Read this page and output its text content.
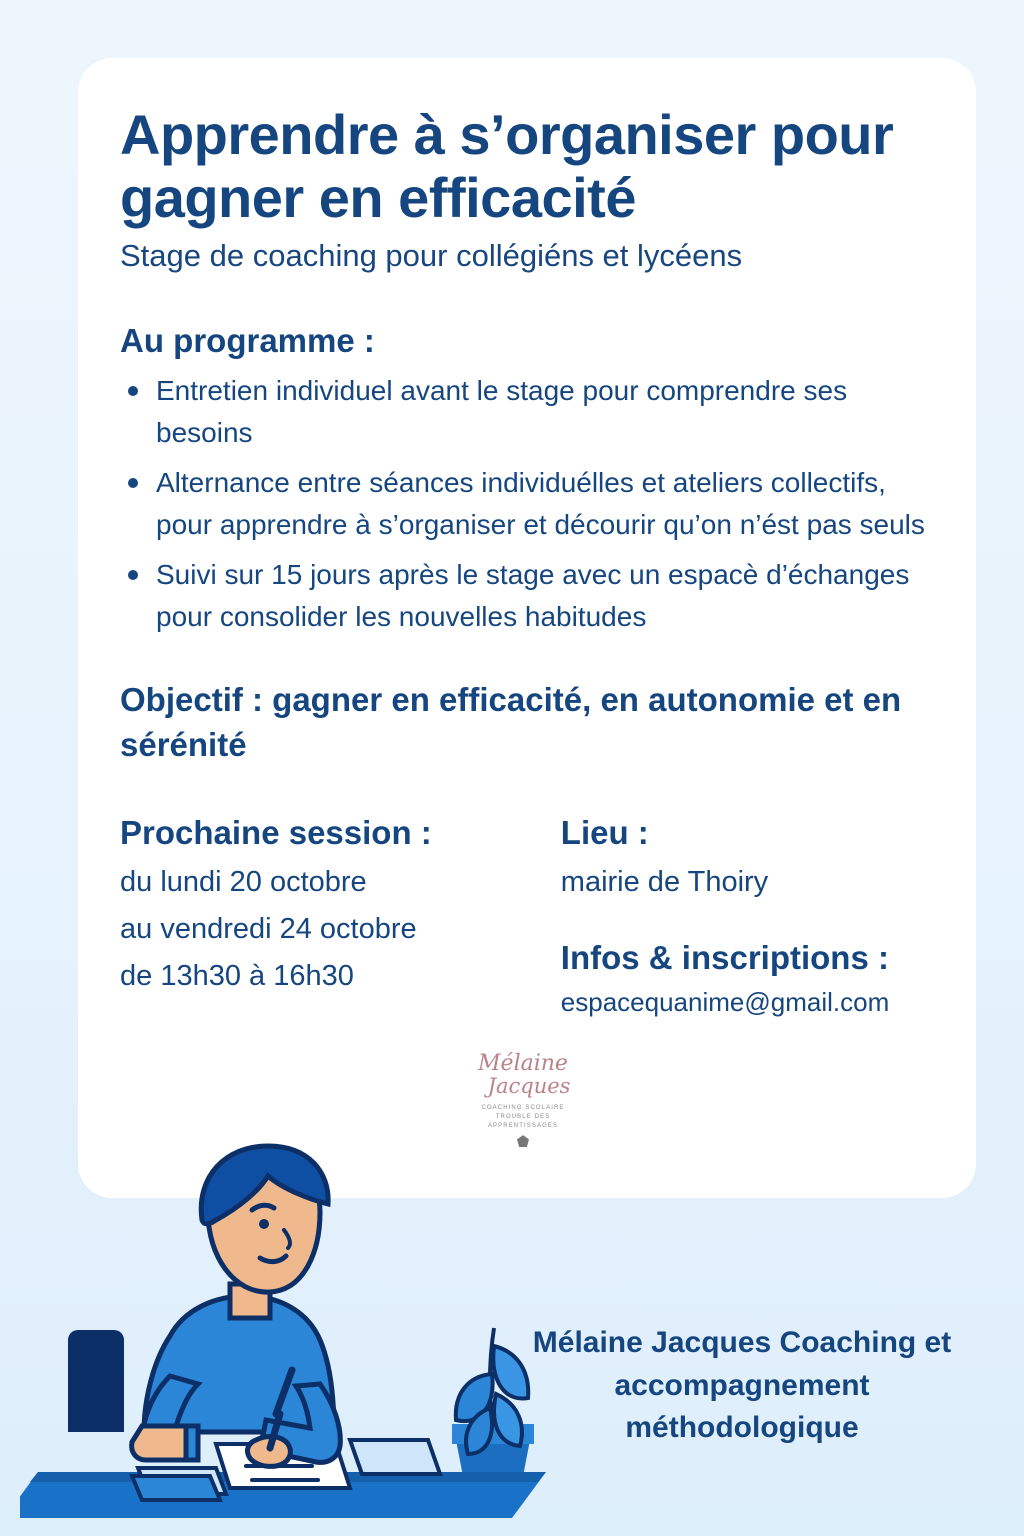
Apprendre à s’organiser pour gagner en efficacité

Stage de coaching pour collégiéns et lycéens

Au programme :
Entretien individuel avant le stage pour comprendre ses besoins
Alternance entre séances individuélles et ateliers collectifs, pour apprendre à s’organiser et décourir qu’on n’ést pas seuls
Suivi sur 15 jours après le stage avec un espacè d’échanges pour consolider les nouvelles habitudes
Objectif : gagner en efficacité, en autonomie et en sérénité
Prochaine session :
du lundi 20 octobre
au vendredi 24 octobre
de 13h30 à 16h30
Lieu :
mairie de Thoiry
Infos & inscriptions :
espacequanime@gmail.com
Mélaine
Jacques
COACHING SCOLAIRE TROUBLE DES APPRENTISSAGES
Mélaine Jacques Coaching et accompagnement méthodologique
